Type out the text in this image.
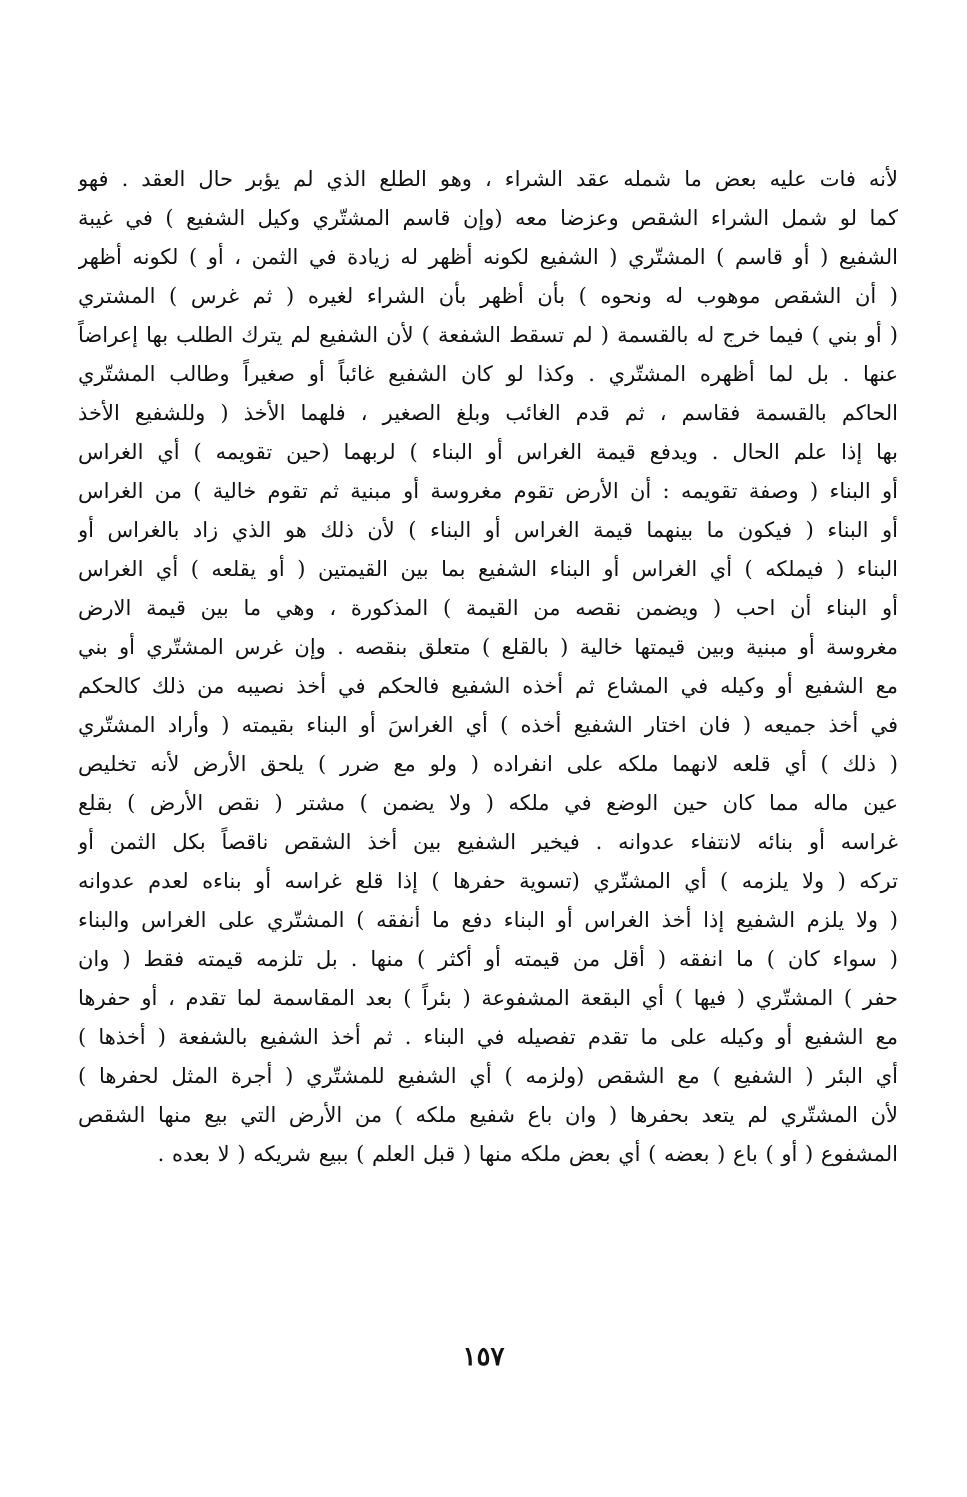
لأنه فات عليه بعض ما شمله عقد الشراء ، وهو الطلع الذي لم يؤبر حال العقد . فهو
كما لو شمل الشراء الشقص وعزضا معه (وإن قاسم المشتّري وكيل الشفيع ) في غيبة
الشفيع ( أو قاسم ) المشتّري ( الشفيع لكونه أظهر له زيادة في الثمن ، أو ) لكونه أظهر
( أن الشقص موهوب له ونحوه ) بأن أظهر بأن الشراء لغيره ( ثم غرس ) المشتري
( أو بني ) فيما خرج له بالقسمة ( لم تسقط الشفعة ) لأن الشفيع لم يترك الطلب بها إعراضاً
عنها . بل لما أظهره المشتّري . وكذا لو كان الشفيع غائباً أو صغيراً وطالب المشتّري
الحاكم بالقسمة فقاسم ، ثم قدم الغائب وبلغ الصغير ، فلهما الأخذ ( وللشفيع الأخذ
بها إذا علم الحال . ويدفع قيمة الغراس أو البناء ) لربهما (حين تقويمه ) أي الغراس
أو البناء ( وصفة تقويمه : أن الأرض تقوم مغروسة أو مبنية ثم تقوم خالية ) من الغراس
أو البناء ( فيكون ما بينهما قيمة الغراس أو البناء ) لأن ذلك هو الذي زاد بالغراس أو
البناء ( فيملكه ) أي الغراس أو البناء الشفيع بما بين القيمتين ( أو يقلعه ) أي الغراس
أو البناء أن احب ( ويضمن نقصه من القيمة ) المذكورة ، وهي ما بين قيمة الارض
مغروسة أو مبنية وبين قيمتها خالية ( بالقلع ) متعلق بنقصه . وإن غرس المشتّري أو بني
مع الشفيع أو وكيله في المشاع ثم أخذه الشفيع فالحكم في أخذ نصيبه من ذلك كالحكم
في أخذ جميعه ( فان اختار الشفيع أخذه ) أي الغراسَ أو البناء بقيمته ( وأراد المشتّري
( ذلك ) أي قلعه لانهما ملكه على انفراده ( ولو مع ضرر ) يلحق الأرض لأنه تخليص
عين ماله مما كان حين الوضع في ملكه ( ولا يضمن ) مشتر ( نقص الأرض ) بقلع
غراسه أو بنائه لانتفاء عدوانه . فيخير الشفيع بين أخذ الشقص ناقصاً بكل الثمن أو
تركه ( ولا يلزمه ) أي المشتّري (تسوية حفرها ) إذا قلع غراسه أو بناءه لعدم عدوانه
( ولا يلزم الشفيع إذا أخذ الغراس أو البناء دفع ما أنفقه ) المشتّري على الغراس والبناء
( سواء كان ) ما انفقه ( أقل من قيمته أو أكثر ) منها . بل تلزمه قيمته فقط ( وان
حفر ) المشتّري ( فيها ) أي البقعة المشفوعة ( بئراً ) بعد المقاسمة لما تقدم ، أو حفرها
مع الشفيع أو وكيله على ما تقدم تفصيله في البناء . ثم أخذ الشفيع بالشفعة ( أخذها )
أي البئر ( الشفيع ) مع الشقص (ولزمه ) أي الشفيع للمشتّري ( أجرة المثل لحفرها )
لأن المشتّري لم يتعد بحفرها ( وان باع شفيع ملكه ) من الأرض التي بيع منها الشقص
المشفوع ( أو ) باع ( بعضه ) أي بعض ملكه منها ( قبل العلم ) ببيع شريكه ( لا بعده .
١٥٧
